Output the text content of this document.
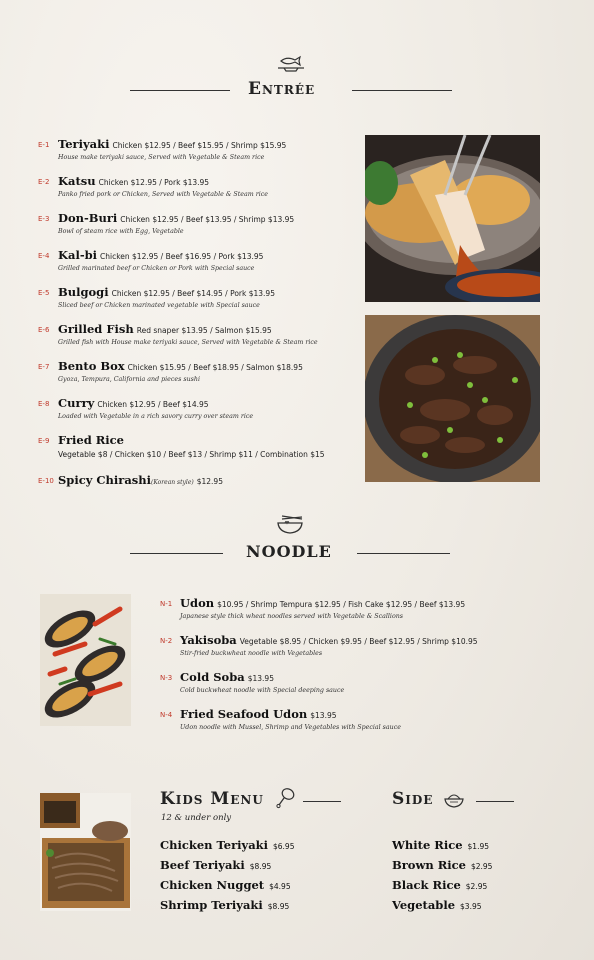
Entrée
E-1 Teriyaki Chicken $12.95 / Beef $15.95 / Shrimp $15.95
House make teriyaki sauce, Served with Vegetable & Steam rice
E-2 Katsu Chicken $12.95 / Pork $13.95
Panko fried pork or Chicken, Served with Vegetable & Steam rice
E-3 Don-Buri Chicken $12.95 / Beef $13.95 / Shrimp $13.95
Bowl of steam rice with Egg, Vegetable
E-4 Kal-bi Chicken $12.95 / Beef $16.95 / Pork $13.95
Grilled marinated beef or Chicken or Pork with Special sauce
E-5 Bulgogi Chicken $12.95 / Beef $14.95 / Pork $13.95
Sliced beef or Chicken marinated vegetable with Special sauce
E-6 Grilled Fish Red snaper $13.95 / Salmon $15.95
Grilled fish with House make teriyaki sauce, Served with Vegetable & Steam rice
E-7 Bento Box Chicken $15.95 / Beef $18.95 / Salmon $18.95
Gyoza, Tempura, California and pieces sushi
E-8 Curry Chicken $12.95 / Beef $14.95
Loaded with Vegetable in a rich savory curry over steam rice
E-9 Fried Rice
Vegetable $8 / Chicken $10 / Beef $13 / Shrimp $11 / Combination $15
E-10 Spicy Chirashi(Korean style) $12.95
NOODLE
N-1 Udon $10.95 / Shrimp Tempura $12.95 / Fish Cake $12.95 / Beef $13.95
Japanese style thick wheat noodles served with Vegetable & Scallions
N-2 Yakisoba Vegetable $8.95 / Chicken $9.95 / Beef $12.95 / Shrimp $10.95
Stir-fried buckwheat noodle with Vegetables
N-3 Cold Soba $13.95
Cold buckwheat noodle with Special deeping sauce
N-4 Fried Seafood Udon $13.95
Udon noodle with Mussel, Shrimp and Vegetables with Special sauce
Kids Menu
12 & under only
Chicken Teriyaki $6.95
Beef Teriyaki $8.95
Chicken Nugget $4.95
Shrimp Teriyaki $8.95
Side
White Rice $1.95
Brown Rice $2.95
Black Rice $2.95
Vegetable $3.95
